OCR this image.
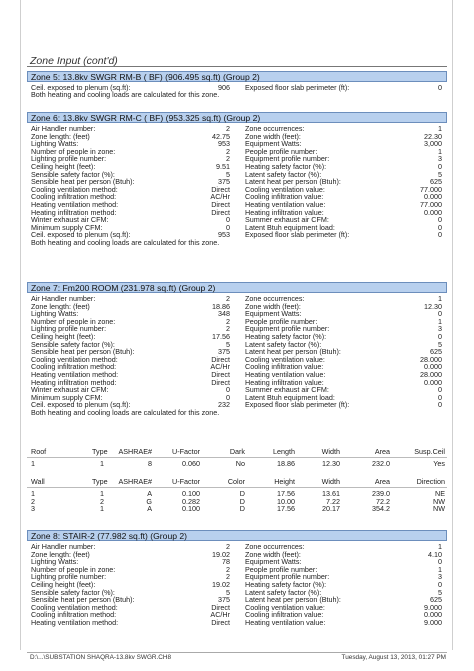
Zone Input (cont'd)
Zone 5: 13.8kv SWGR RM-B ( BF) (906.495 sq.ft) (Group 2)
Ceil. exposed to plenum (sq.ft):	906 Exposed floor slab perimeter (ft):	0
Both heating and cooling loads are calculated for this zone.
Zone 6: 13.8kv SWGR RM-C ( BF) (953.325 sq.ft) (Group 2)
Air Handler number:	2 Zone occurrences:	1
Zone length: (feet)	42.75 Zone width (feet):	22.30
Lighting Watts:	953 Equipment Watts:	3,000
Number of people in zone:	2 People profile number:	1
Lighting profile number:	2 Equipment profile number:	3
Ceiling height (feet):	9.51 Heating safety factor (%):	0
Sensible safety factor (%):	5 Latent safety factor (%):	5
Sensible heat per person (Btuh):	375 Latent heat per person (Btuh):	625
Cooling ventilation method:	Direct Cooling ventilation value:	77.000
Cooling infiltration method:	AC/Hr Cooling infiltration value:	0.000
Heating ventilation method:	Direct Heating ventilation value:	77.000
Heating infiltration method:	Direct Heating infiltration value:	0.000
Winter exhaust air CFM:	0 Summer exhaust air CFM:	0
Minimum supply CFM:	0 Latent Btuh equipment load:	0
Ceil. exposed to plenum (sq.ft):	953 Exposed floor slab perimeter (ft):	0
Both heating and cooling loads are calculated for this zone.
Zone 7: Fm200 ROOM (231.978 sq.ft) (Group 2)
Air Handler number:	2 Zone occurrences:	1
Zone length: (feet)	18.86 Zone width (feet):	12.30
Lighting Watts:	348 Equipment Watts:	0
Number of people in zone:	2 People profile number:	1
Lighting profile number:	2 Equipment profile number:	3
Ceiling height (feet):	17.56 Heating safety factor (%):	0
Sensible safety factor (%):	5 Latent safety factor (%):	5
Sensible heat per person (Btuh):	375 Latent heat per person (Btuh):	625
Cooling ventilation method:	Direct Cooling ventilation value:	28.000
Cooling infiltration method:	AC/Hr Cooling infiltration value:	0.000
Heating ventilation method:	Direct Heating ventilation value:	28.000
Heating infiltration method:	Direct Heating infiltration value:	0.000
Winter exhaust air CFM:	0 Summer exhaust air CFM:	0
Minimum supply CFM:	0 Latent Btuh equipment load:	0
Ceil. exposed to plenum (sq.ft):	232 Exposed floor slab perimeter (ft):	0
Both heating and cooling loads are calculated for this zone.
Roof	Type ASHRAE#	U-Factor	Dark	Length	Width	Area	Susp.Ceil
1	1	8	0.060	No	18.86	12.30	232.0	Yes
Wall	Type ASHRAE#	U-Factor	Color	Height	Width	Area	Direction
1	1	A	0.100	D	17.56	13.61	239.0	NE
2	2	G	0.282	D	10.00	7.22	72.2	NW
3	1	A	0.100	D	17.56	20.17	354.2	NW
Zone 8: STAIR-2 (77.982 sq.ft) (Group 2)
Air Handler number:	2 Zone occurrences:	1
Zone length: (feet)	19.02 Zone width (feet):	4.10
Lighting Watts:	78 Equipment Watts:	0
Number of people in zone:	2 People profile number:	1
Lighting profile number:	2 Equipment profile number:	3
Ceiling height (feet):	19.02 Heating safety factor (%):	0
Sensible safety factor (%):	5 Latent safety factor (%):	5
Sensible heat per person (Btuh):	375 Latent heat per person (Btuh):	625
Cooling ventilation method:	Direct Cooling ventilation value:	9.000
Cooling infiltration method:	AC/Hr Cooling infiltration value:	0.000
Heating ventilation method:	Direct Heating ventilation value:	9.000
D:\...\SUBSTATION SHAQRA-13.8kv SWGR.CH8	Tuesday, August 13, 2013, 01:27 PM
